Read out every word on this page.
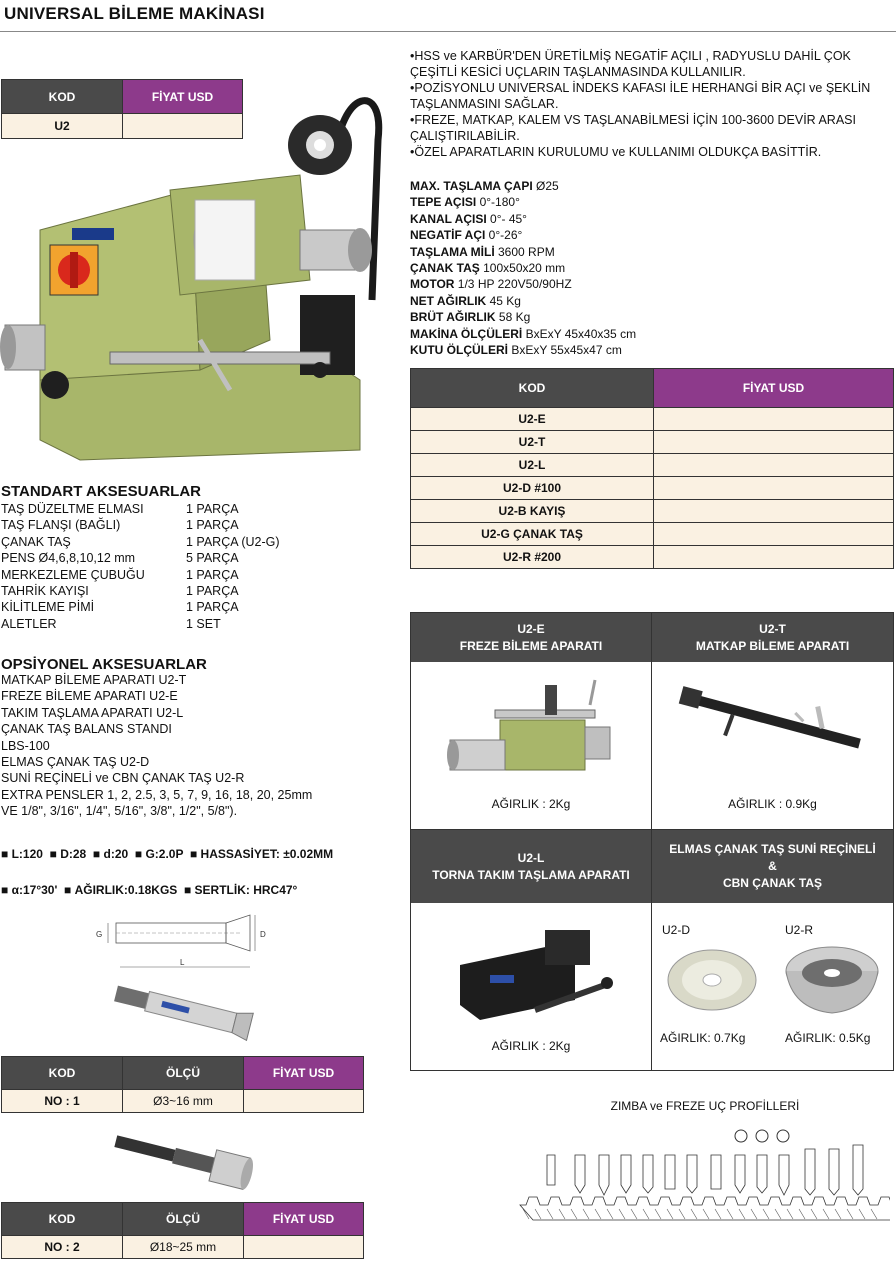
UNIVERSAL BİLEME MAKİNASI
KOD	FİYAT USD
U2	
•HSS ve KARBÜR'DEN ÜRETİLMİŞ NEGATİF AÇILI , RADYUSLU DAHİL ÇOK ÇEŞİTLİ KESİCİ UÇLARIN TAŞLANMASINDA KULLANILIR.
•POZİSYONLU UNIVERSAL İNDEKS KAFASI İLE HERHANGİ BİR AÇI ve ŞEKLİN TAŞLANMASINI SAĞLAR.
•FREZE, MATKAP, KALEM VS TAŞLANABİLMESİ İÇİN 100-3600 DEVİR ARASI ÇALIŞTIRILABİLİR.
•ÖZEL APARATLARIN KURULUMU ve KULLANIMI OLDUKÇA BASİTTİR.
MAX. TAŞLAMA ÇAPI Ø25
TEPE AÇISI 0°-180°
KANAL AÇISI 0°- 45°
NEGATİF AÇI 0°-26°
TAŞLAMA MİLİ 3600 RPM
ÇANAK TAŞ 100x50x20 mm
MOTOR 1/3 HP 220V50/90HZ
NET AĞIRLIK 45 Kg
BRÜT AĞIRLIK 58 Kg
MAKİNA ÖLÇÜLERİ BxExY 45x40x35 cm
KUTU ÖLÇÜLERİ BxExY 55x45x47 cm
KOD	FİYAT USD
U2-E	
U2-T	
U2-L	
U2-D #100	
U2-B KAYIŞ	
U2-G ÇANAK TAŞ	
U2-R #200	
STANDART AKSESUARLAR
TAŞ DÜZELTME ELMASI	1 PARÇA
TAŞ FLANŞI (BAĞLI)	1 PARÇA
ÇANAK TAŞ	1 PARÇA (U2-G)
PENS Ø4,6,8,10,12 mm	5 PARÇA
MERKEZLEME ÇUBUĞU	1 PARÇA
TAHRİK KAYIŞI	1 PARÇA
KİLİTLEME PİMİ	1 PARÇA
ALETLER	1 SET
OPSİYONEL AKSESUARLAR
MATKAP BİLEME APARATI U2-T
FREZE BİLEME APARATI U2-E
TAKIM TAŞLAMA APARATI U2-L
ÇANAK TAŞ BALANS STANDI
LBS-100
ELMAS ÇANAK TAŞ U2-D
SUNİ REÇİNELİ ve CBN ÇANAK TAŞ U2-R
EXTRA PENSLER 1, 2, 2.5, 3, 5, 7, 9, 16, 18, 20, 25mm
VE 1/8", 3/16", 1/4", 5/16", 3/8", 1/2", 5/8").
■ L:120  ■ D:28  ■ d:20  ■ G:2.0P  ■ HASSASİYET: ±0.02MM
■ α:17°30'  ■ AĞIRLIK:0.18KGS  ■ SERTLİK: HRC47°
G	D
L
KOD	ÖLÇÜ	FİYAT USD
NO : 1	Ø3~16 mm	
KOD	ÖLÇÜ	FİYAT USD
NO : 2	Ø18~25 mm	
U2-E
FREZE BİLEME APARATI
U2-T
MATKAP BİLEME APARATI
U2-L
TORNA TAKIM TAŞLAMA APARATI
ELMAS ÇANAK TAŞ SUNİ REÇİNELİ
&
CBN ÇANAK TAŞ
AĞIRLIK : 2Kg	AĞIRLIK : 0.9Kg
AĞIRLIK : 2Kg
U2-D	U2-R
AĞIRLIK: 0.7Kg	AĞIRLIK: 0.5Kg
ZIMBA ve FREZE UÇ PROFİLLERİ
